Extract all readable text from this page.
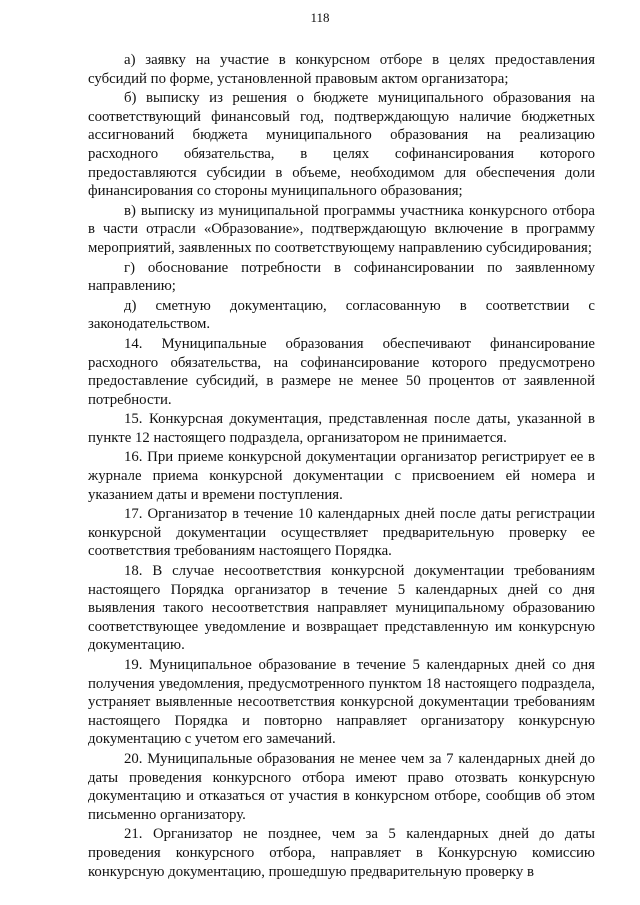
118

а) заявку на участие в конкурсном отборе в целях предоставления субсидий по форме, установленной правовым актом организатора;

б) выписку из решения о бюджете муниципального образования на соответствующий финансовый год, подтверждающую наличие бюджетных ассигнований бюджета муниципального образования на реализацию расходного обязательства, в целях софинансирования которого предоставляются субсидии в объеме, необходимом для обеспечения доли финансирования со стороны муниципального образования;

в) выписку из муниципальной программы участника конкурсного отбора в части отрасли «Образование», подтверждающую включение в программу мероприятий, заявленных по соответствующему направлению субсидирования;

г) обоснование потребности в софинансировании по заявленному направлению;

д) сметную документацию, согласованную в соответствии с законодательством.

14. Муниципальные образования обеспечивают финансирование расходного обязательства, на софинансирование которого предусмотрено предоставление субсидий, в размере не менее 50 процентов от заявленной потребности.

15. Конкурсная документация, представленная после даты, указанной в пункте 12 настоящего подраздела, организатором не принимается.

16. При приеме конкурсной документации организатор регистрирует ее в журнале приема конкурсной документации с присвоением ей номера и указанием даты и времени поступления.

17. Организатор в течение 10 календарных дней после даты регистрации конкурсной документации осуществляет предварительную проверку ее соответствия требованиям настоящего Порядка.

18. В случае несоответствия конкурсной документации требованиям настоящего Порядка организатор в течение 5 календарных дней со дня выявления такого несоответствия направляет муниципальному образованию соответствующее уведомление и возвращает представленную им конкурсную документацию.

19. Муниципальное образование в течение 5 календарных дней со дня получения уведомления, предусмотренного пунктом 18 настоящего подраздела, устраняет выявленные несоответствия конкурсной документации требованиям настоящего Порядка и повторно направляет организатору конкурсную документацию с учетом его замечаний.

20. Муниципальные образования не менее чем за 7 календарных дней до даты проведения конкурсного отбора имеют право отозвать конкурсную документацию и отказаться от участия в конкурсном отборе, сообщив об этом письменно организатору.

21. Организатор не позднее, чем за 5 календарных дней до даты проведения конкурсного отбора, направляет в Конкурсную комиссию конкурсную документацию, прошедшую предварительную проверку в
